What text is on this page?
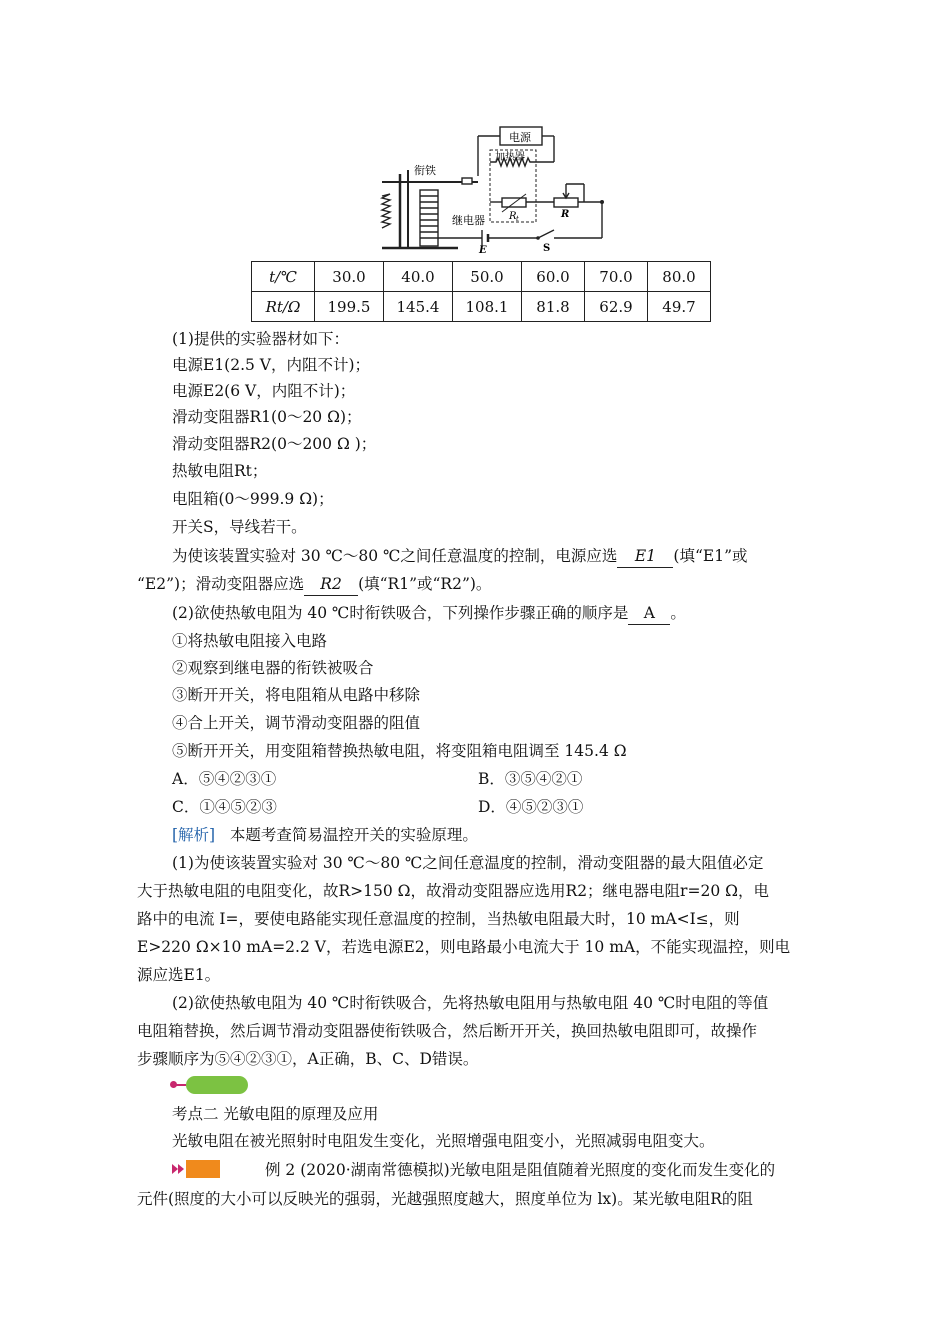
电源
加热器
衔铁
继电器 R t	R
E	S
t/℃	30.0	40.0	50.0	60.0	70.0	80.0
Rt/Ω	199.5	145.4	108.1	81.8	62.9	49.7
(1)提供的实验器材如下：
电源E1(2.5 V，内阻不计)；
电源E2(6 V，内阻不计)；
滑动变阻器R1(0～20 Ω)；
滑动变阻器R2(0～200 Ω )；
热敏电阻Rt；
电阻箱(0～999.9 Ω)；
开关S，导线若干。
为使该装置实验对 30 ℃～80 ℃之间任意温度的控制，电源应选 E1 (填“E1”或
“E2”)；滑动变阻器应选 R2 (填“R1”或“R2”)。
(2)欲使热敏电阻为 40 ℃时衔铁吸合，下列操作步骤正确的顺序是 A 。
①将热敏电阻接入电路
②观察到继电器的衔铁被吸合
③断开开关，将电阻箱从电路中移除
④合上开关，调节滑动变阻器的阻值
⑤断开开关，用变阻箱替换热敏电阻，将变阻箱电阻调至 145.4 Ω
A．⑤④②③①	B．③⑤④②①
C．①④⑤②③	D．④⑤②③①
[解析] 本题考查简易温控开关的实验原理。
(1)为使该装置实验对 30 ℃～80 ℃之间任意温度的控制，滑动变阻器的最大阻值必定
大于热敏电阻的电阻变化，故R>150 Ω，故滑动变阻器应选用R2；继电器电阻r=20 Ω，电
路中的电流 I=，要使电路能实现任意温度的控制，当热敏电阻最大时，10 mA<I≤，则
E>220 Ω×10 mA=2.2 V，若选电源E2，则电路最小电流大于 10 mA，不能实现温控，则电
源应选E1。
(2)欲使热敏电阻为 40 ℃时衔铁吸合，先将热敏电阻用与热敏电阻 40 ℃时电阻的等值
电阻箱替换，然后调节滑动变阻器使衔铁吸合，然后断开开关，换回热敏电阻即可，故操作
步骤顺序为⑤④②③①，A正确，B、C、D错误。
考点二 光敏电阻的原理及应用
光敏电阻在被光照射时电阻发生变化，光照增强电阻变小，光照减弱电阻变大。
例 2 (2020·湖南常德模拟)光敏电阻是阻值随着光照度的变化而发生变化的
元件(照度的大小可以反映光的强弱，光越强照度越大，照度单位为 lx)。某光敏电阻R的阻
